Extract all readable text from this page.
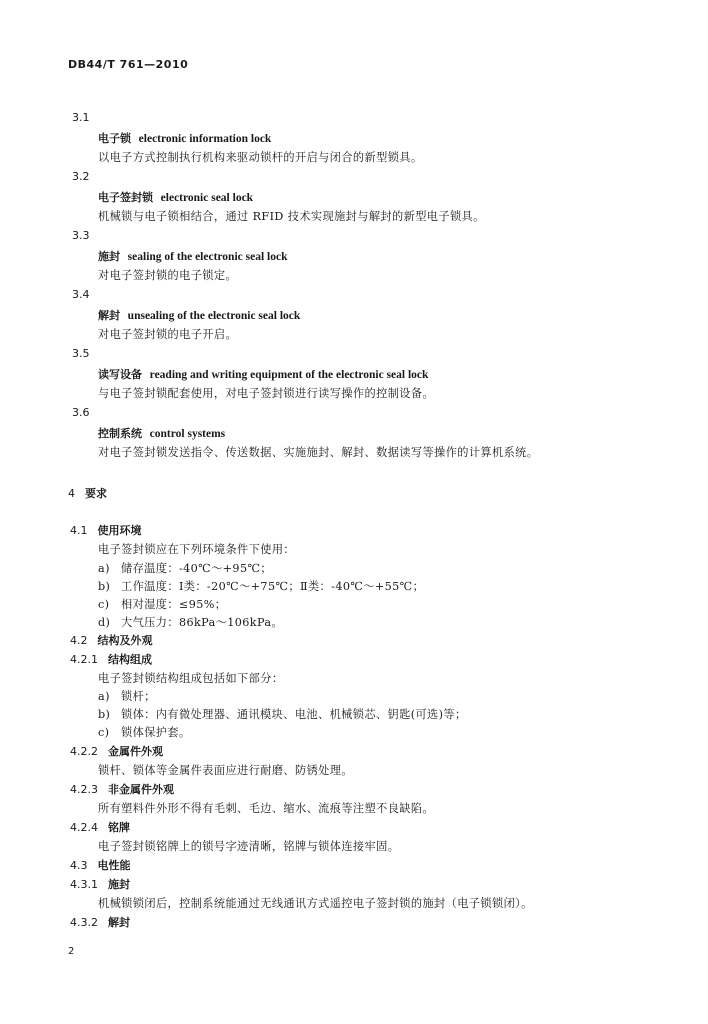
DB44/T 761—2010
3.1
电子锁 electronic information lock
以电子方式控制执行机构来驱动锁杆的开启与闭合的新型锁具。
3.2
电子签封锁 electronic seal lock
机械锁与电子锁相结合，通过 RFID 技术实现施封与解封的新型电子锁具。
3.3
施封 sealing of the electronic seal lock
对电子签封锁的电子锁定。
3.4
解封 unsealing of the electronic seal lock
对电子签封锁的电子开启。
3.5
读写设备 reading and writing equipment of the electronic seal lock
与电子签封锁配套使用，对电子签封锁进行读写操作的控制设备。
3.6
控制系统 control systems
对电子签封锁发送指令、传送数据、实施施封、解封、数据读写等操作的计算机系统。
4 要求
4.1 使用环境
电子签封锁应在下列环境条件下使用：
a) 储存温度：-40℃～+95℃；
b) 工作温度：Ⅰ类：-20℃～+75℃；Ⅱ类：-40℃～+55℃；
c) 相对湿度：≤95%；
d) 大气压力：86kPa～106kPa。
4.2 结构及外观
4.2.1 结构组成
电子签封锁结构组成包括如下部分：
a) 锁杆；
b) 锁体：内有微处理器、通讯模块、电池、机械锁芯、钥匙(可选)等；
c) 锁体保护套。
4.2.2 金属件外观
锁杆、锁体等金属件表面应进行耐磨、防锈处理。
4.2.3 非金属件外观
所有塑料件外形不得有毛刺、毛边、缩水、流痕等注塑不良缺陷。
4.2.4 铭牌
电子签封锁铭牌上的锁号字迹清晰，铭牌与锁体连接牢固。
4.3 电性能
4.3.1 施封
机械锁锁闭后，控制系统能通过无线通讯方式遥控电子签封锁的施封（电子锁锁闭）。
4.3.2 解封
2
